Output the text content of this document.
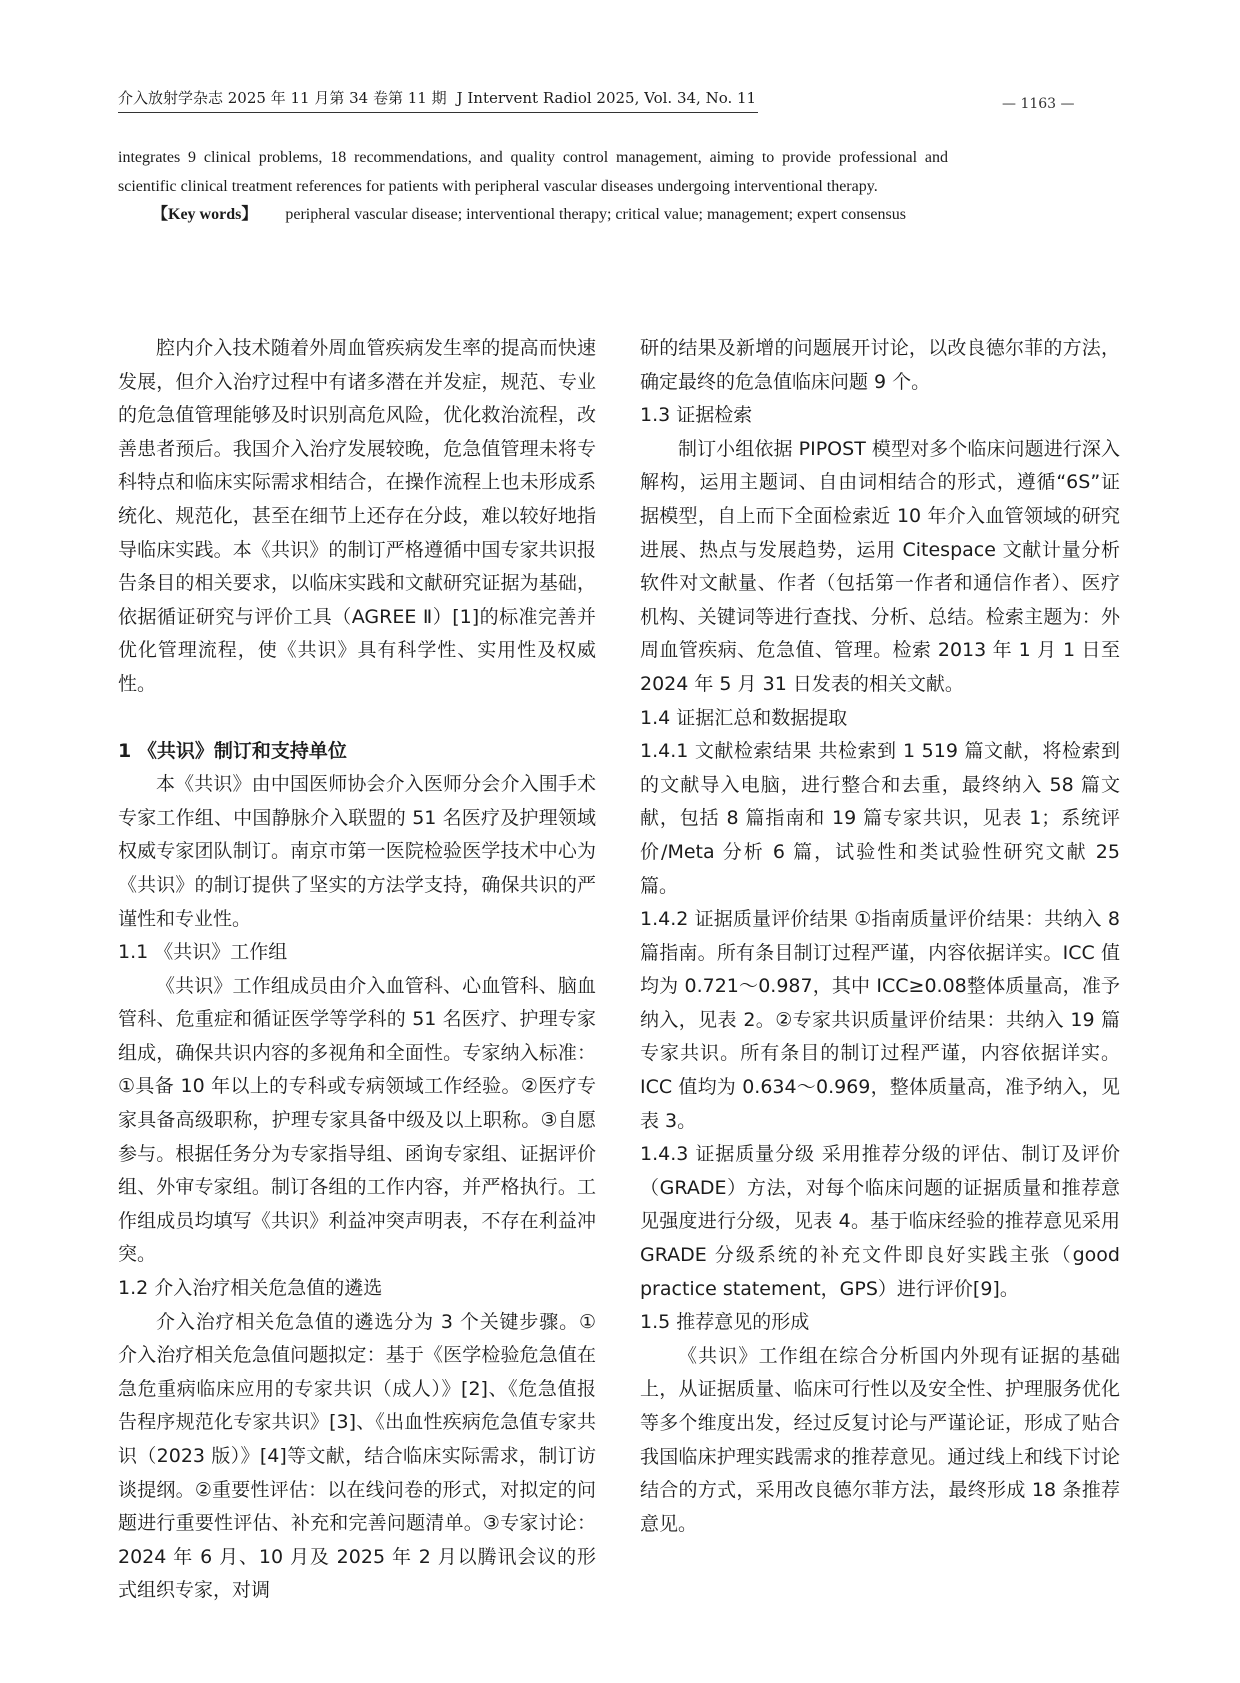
介入放射学杂志 2025 年 11 月第 34 卷第 11 期 J Intervent Radiol 2025, Vol. 34, No. 11	— 1163 —

integrates 9 clinical problems, 18 recommendations, and quality control management, aiming to provide professional and scientific clinical treatment references for patients with peripheral vascular diseases undergoing interventional therapy.

【Key words】 peripheral vascular disease; interventional therapy; critical value; management; expert consensus

腔内介入技术随着外周血管疾病发生率的提高而快速发展，但介入治疗过程中有诸多潜在并发症，规范、专业的危急值管理能够及时识别高危风险，优化救治流程，改善患者预后。我国介入治疗发展较晚，危急值管理未将专科特点和临床实际需求相结合，在操作流程上也未形成系统化、规范化，甚至在细节上还存在分歧，难以较好地指导临床实践。本《共识》的制订严格遵循中国专家共识报告条目的相关要求，以临床实践和文献研究证据为基础，依据循证研究与评价工具（AGREE Ⅱ）[1]的标准完善并优化管理流程，使《共识》具有科学性、实用性及权威性。

1 《共识》制订和支持单位

本《共识》由中国医师协会介入医师分会介入围手术专家工作组、中国静脉介入联盟的 51 名医疗及护理领域权威专家团队制订。南京市第一医院检验医学技术中心为《共识》的制订提供了坚实的方法学支持，确保共识的严谨性和专业性。

1.1 《共识》工作组

《共识》工作组成员由介入血管科、心血管科、脑血管科、危重症和循证医学等学科的 51 名医疗、护理专家组成，确保共识内容的多视角和全面性。专家纳入标准：①具备 10 年以上的专科或专病领域工作经验。②医疗专家具备高级职称，护理专家具备中级及以上职称。③自愿参与。根据任务分为专家指导组、函询专家组、证据评价组、外审专家组。制订各组的工作内容，并严格执行。工作组成员均填写《共识》利益冲突声明表，不存在利益冲突。

1.2 介入治疗相关危急值的遴选

介入治疗相关危急值的遴选分为 3 个关键步骤。①介入治疗相关危急值问题拟定：基于《医学检验危急值在急危重病临床应用的专家共识（成人）》[2]、《危急值报告程序规范化专家共识》[3]、《出血性疾病危急值专家共识（2023 版）》[4]等文献，结合临床实际需求，制订访谈提纲。②重要性评估：以在线问卷的形式，对拟定的问题进行重要性评估、补充和完善问题清单。③专家讨论：2024 年 6 月、10 月及 2025 年 2 月以腾讯会议的形式组织专家，对调

研的结果及新增的问题展开讨论，以改良德尔菲的方法，确定最终的危急值临床问题 9 个。

1.3 证据检索

制订小组依据 PIPOST 模型对多个临床问题进行深入解构，运用主题词、自由词相结合的形式，遵循“6S”证据模型，自上而下全面检索近 10 年介入血管领域的研究进展、热点与发展趋势，运用 Citespace 文献计量分析软件对文献量、作者（包括第一作者和通信作者）、医疗机构、关键词等进行查找、分析、总结。检索主题为：外周血管疾病、危急值、管理。检索 2013 年 1 月 1 日至 2024 年 5 月 31 日发表的相关文献。

1.4 证据汇总和数据提取

1.4.1 文献检索结果 共检索到 1 519 篇文献，将检索到的文献导入电脑，进行整合和去重，最终纳入 58 篇文献，包括 8 篇指南和 19 篇专家共识，见表 1；系统评价/Meta 分析 6 篇，试验性和类试验性研究文献 25 篇。

1.4.2 证据质量评价结果 ①指南质量评价结果：共纳入 8 篇指南。所有条目制订过程严谨，内容依据详实。ICC 值均为 0.721～0.987，其中 ICC≥0.08整体质量高，准予纳入，见表 2。②专家共识质量评价结果：共纳入 19 篇专家共识。所有条目的制订过程严谨，内容依据详实。ICC 值均为 0.634～0.969，整体质量高，准予纳入，见表 3。

1.4.3 证据质量分级 采用推荐分级的评估、制订及评价（GRADE）方法，对每个临床问题的证据质量和推荐意见强度进行分级，见表 4。基于临床经验的推荐意见采用 GRADE 分级系统的补充文件即良好实践主张（good practice statement，GPS）进行评价[9]。

1.5 推荐意见的形成

《共识》工作组在综合分析国内外现有证据的基础上，从证据质量、临床可行性以及安全性、护理服务优化等多个维度出发，经过反复讨论与严谨论证，形成了贴合我国临床护理实践需求的推荐意见。通过线上和线下讨论结合的方式，采用改良德尔菲方法，最终形成 18 条推荐意见。
